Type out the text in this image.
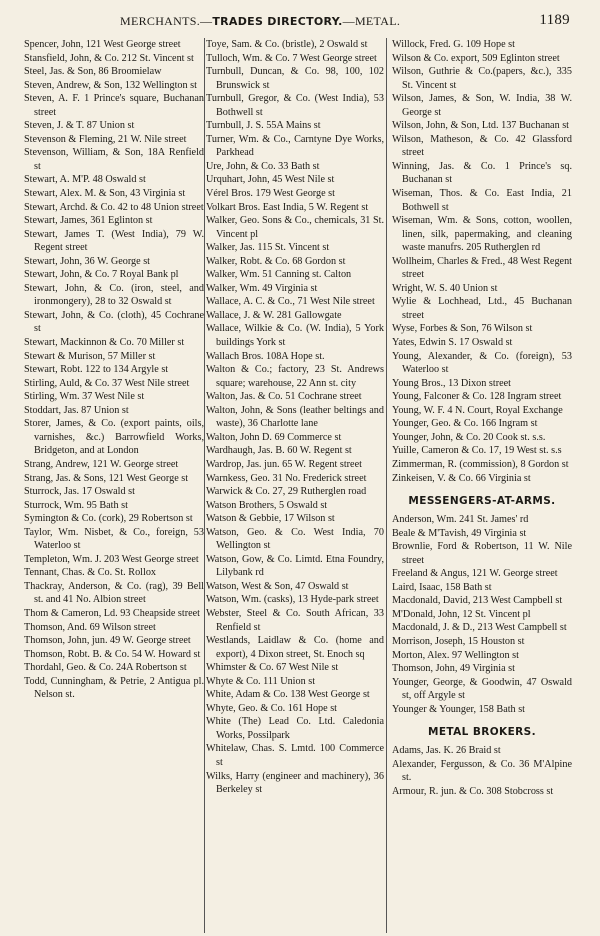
MERCHANTS.—TRADES DIRECTORY.—METAL.	1189
Spencer, John, 121 West George street
Stansfield, John, & Co. 212 St. Vincent st
Steel, Jas. & Son, 86 Broomielaw
Steven, Andrew, & Son, 132 Wellington st
Steven, A. F. 1 Prince's square, Buchanan street
Steven, J. & T. 87 Union st
Stevenson & Fleming, 21 W. Nile street
Stevenson, William, & Son, 18A Renfield st
Stewart, A. M'P. 48 Oswald st
Stewart, Alex. M. & Son, 43 Virginia st
Stewart, Archd. & Co. 42 to 48 Union street
Stewart, James, 361 Eglinton st
Stewart, James T. (West India), 79 W. Regent street
Stewart, John, 36 W. George st
Stewart, John, & Co. 7 Royal Bank pl
Stewart, John, & Co. (iron, steel, and ironmongery), 28 to 32 Oswald st
Stewart, John, & Co. (cloth), 45 Cochrane st
Stewart, Mackinnon & Co. 70 Miller st
Stewart & Murison, 57 Miller st
Stewart, Robt. 122 to 134 Argyle st
Stirling, Auld, & Co. 37 West Nile street
Stirling, Wm. 37 West Nile st
Stoddart, Jas. 87 Union st
Storer, James, & Co. (export paints, oils, varnishes, &c.) Barrowfield Works, Bridgeton, and at London
Strang, Andrew, 121 W. George street
Strang, Jas. & Sons, 121 West George st
Sturrock, Jas. 17 Oswald st
Sturrock, Wm. 95 Bath st
Symington & Co. (cork), 29 Robertson st
Taylor, Wm. Nisbet, & Co., foreign, 53 Waterloo st
Templeton, Wm. J. 203 West George street
Tennant, Chas. & Co. St. Rollox
Thackray, Anderson, & Co. (rag), 39 Bell st. and 41 No. Albion street
Thom & Cameron, Ld. 93 Cheapside street
Thomson, And. 69 Wilson street
Thomson, John, jun. 49 W. George street
Thomson, Robt. B. & Co. 54 W. Howard st
Thordahl, Geo. & Co. 24A Robertson st
Todd, Cunningham, & Petrie, 2 Antigua pl. Nelson st.
Toye, Sam. & Co. (bristle), 2 Oswald st
Tulloch, Wm. & Co. 7 West George street
Turnbull, Duncan, & Co. 98, 100, 102 Brunswick st
Turnbull, Gregor, & Co. (West India), 53 Bothwell st
Turnbull, J. S. 55A Mains st
Turner, Wm. & Co., Carntyne Dye Works, Parkhead
Ure, John, & Co. 33 Bath st
Urquhart, John, 45 West Nile st
Vérel Bros. 179 West George st
Volkart Bros. East India, 5 W. Regent st
Walker, Geo. Sons & Co., chemicals, 31 St. Vincent pl
Walker, Jas. 115 St. Vincent st
Walker, Robt. & Co. 68 Gordon st
Walker, Wm. 51 Canning st. Calton
Walker, Wm. 49 Virginia st
Wallace, A. C. & Co., 71 West Nile street
Wallace, J. & W. 281 Gallowgate
Wallace, Wilkie & Co. (W. India), 5 York buildings York st
Wallach Bros. 108A Hope st.
Walton & Co.; factory, 23 St. Andrews square; warehouse, 22 Ann st. city
Walton, Jas. & Co. 51 Cochrane street
Walton, John, & Sons (leather beltings and waste), 36 Charlotte lane
Walton, John D. 69 Commerce st
Wardhaugh, Jas. B. 60 W. Regent st
Wardrop, Jas. jun. 65 W. Regent street
Warnkess, Geo. 31 No. Frederick street
Warwick & Co. 27, 29 Rutherglen road
Watson Brothers, 5 Oswald st
Watson & Gebbie, 17 Wilson st
Watson, Geo. & Co. West India, 70 Wellington st
Watson, Gow, & Co. Limtd. Etna Foundry, Lilybank rd
Watson, West & Son, 47 Oswald st
Watson, Wm. (casks), 13 Hyde-park street
Webster, Steel & Co. South African, 33 Renfield st
Westlands, Laidlaw & Co. (home and export), 4 Dixon street, St. Enoch sq
Whimster & Co. 67 West Nile st
Whyte & Co. 111 Union st
White, Adam & Co. 138 West George st
Whyte, Geo. & Co. 161 Hope st
White (The) Lead Co. Ltd. Caledonia Works, Possilpark
Whitelaw, Chas. S. Lmtd. 100 Commerce st
Wilks, Harry (engineer and machinery), 36 Berkeley st
Willock, Fred. G. 109 Hope st
Wilson & Co. export, 509 Eglinton street
Wilson, Guthrie & Co.(papers, &c.), 335 St. Vincent st
Wilson, James, & Son, W. India, 38 W. George st
Wilson, John, & Son, Ltd. 137 Buchanan st
Wilson, Matheson, & Co. 42 Glassford street
Winning, Jas. & Co. 1 Prince's sq. Buchanan st
Wiseman, Thos. & Co. East India, 21 Bothwell st
Wiseman, Wm. & Sons, cotton, woollen, linen, silk, papermaking, and cleaning waste manufrs. 205 Rutherglen rd
Wollheim, Charles & Fred., 48 West Regent street
Wright, W. S. 40 Union st
Wylie & Lochhead, Ltd., 45 Buchanan street
Wyse, Forbes & Son, 76 Wilson st
Yates, Edwin S. 17 Oswald st
Young, Alexander, & Co. (foreign), 53 Waterloo st
Young Bros., 13 Dixon street
Young, Falconer & Co. 128 Ingram street
Young, W. F. 4 N. Court, Royal Exchange
Younger, Geo. & Co. 166 Ingram st
Younger, John, & Co. 20 Cook st. s.s.
Yuille, Cameron & Co. 17, 19 West st. s.s
Zimmerman, R. (commission), 8 Gordon st
Zinkeisen, V. & Co. 66 Virginia st
MESSENGERS-AT-ARMS.
Anderson, Wm. 241 St. James' rd
Beale & M'Tavish, 49 Virginia st
Brownlie, Ford & Robertson, 11 W. Nile street
Freeland & Angus, 121 W. George street
Laird, Isaac, 158 Bath st
Macdonald, David, 213 West Campbell st
M'Donald, John, 12 St. Vincent pl
Macdonald, J. & D., 213 West Campbell st
Morrison, Joseph, 15 Houston st
Morton, Alex. 97 Wellington st
Thomson, John, 49 Virginia st
Younger, George, & Goodwin, 47 Oswald st, off Argyle st
Younger & Younger, 158 Bath st
METAL BROKERS.
Adams, Jas. K. 26 Braid st
Alexander, Fergusson, & Co. 36 M'Alpine st.
Armour, R. jun. & Co. 308 Stobcross st
